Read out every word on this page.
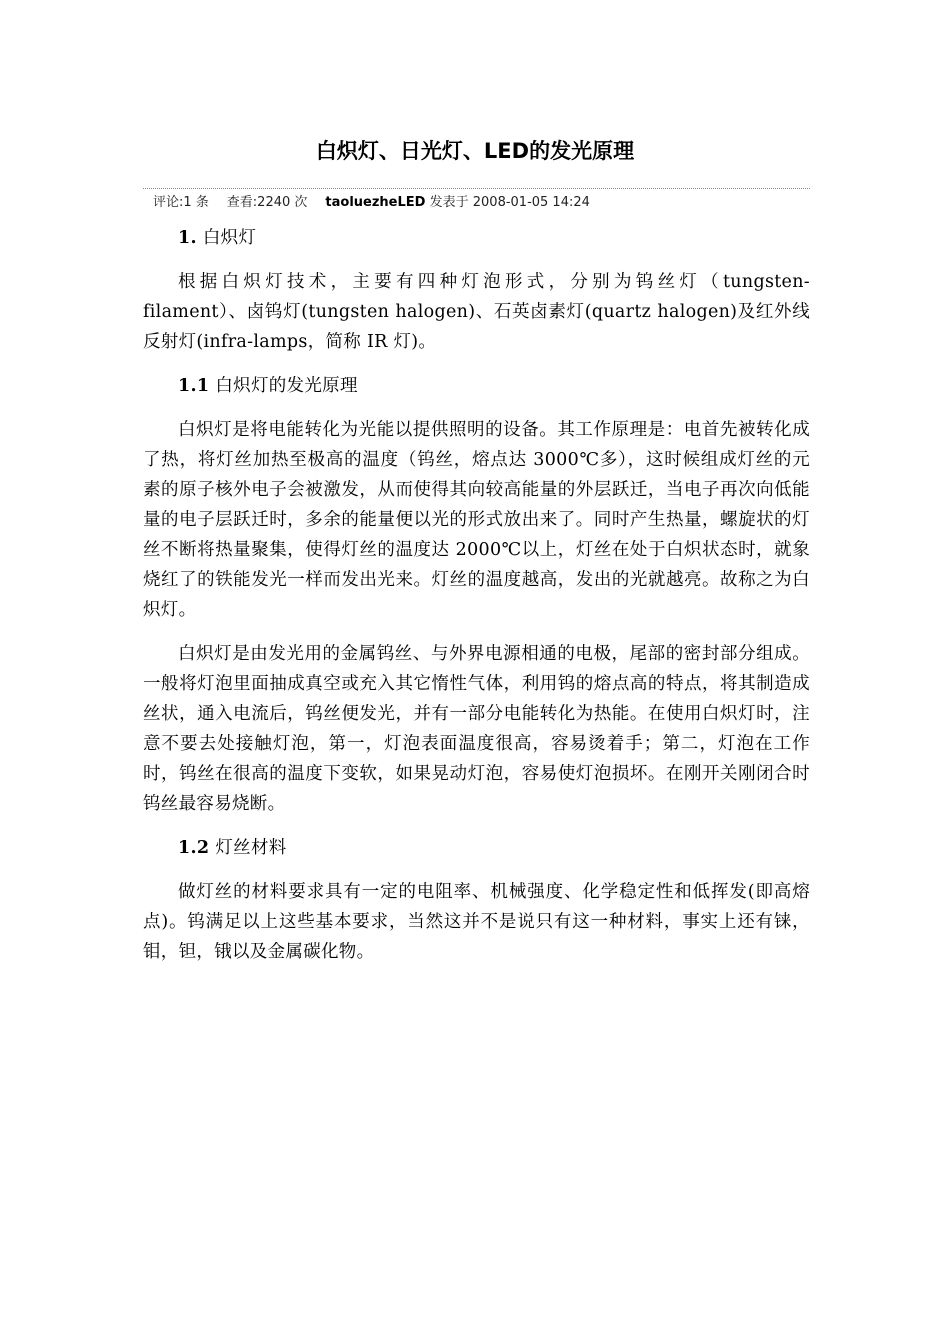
白炽灯、日光灯、LED的发光原理
评论:1 条 查看:2240 次 taoluezheLED 发表于 2008-01-05 14:24

1. 白炽灯

根据白炽灯技术，主要有四种灯泡形式，分别为钨丝灯（tungsten-filament）、卤钨灯(tungsten halogen)、石英卤素灯(quartz halogen)及红外线反射灯(infra-lamps，简称 IR 灯)。

1.1 白炽灯的发光原理

白炽灯是将电能转化为光能以提供照明的设备。其工作原理是：电首先被转化成了热，将灯丝加热至极高的温度（钨丝，熔点达 3000℃多），这时候组成灯丝的元素的原子核外电子会被激发，从而使得其向较高能量的外层跃迁，当电子再次向低能量的电子层跃迁时，多余的能量便以光的形式放出来了。同时产生热量，螺旋状的灯丝不断将热量聚集，使得灯丝的温度达 2000℃以上，灯丝在处于白炽状态时，就象烧红了的铁能发光一样而发出光来。灯丝的温度越高，发出的光就越亮。故称之为白炽灯。

白炽灯是由发光用的金属钨丝、与外界电源相通的电极，尾部的密封部分组成。一般将灯泡里面抽成真空或充入其它惰性气体，利用钨的熔点高的特点，将其制造成丝状，通入电流后，钨丝便发光，并有一部分电能转化为热能。在使用白炽灯时，注意不要去处接触灯泡，第一，灯泡表面温度很高，容易烫着手；第二，灯泡在工作时，钨丝在很高的温度下变软，如果晃动灯泡，容易使灯泡损坏。在刚开关刚闭合时钨丝最容易烧断。

1.2 灯丝材料

做灯丝的材料要求具有一定的电阻率、机械强度、化学稳定性和低挥发(即高熔点)。钨满足以上这些基本要求，当然这并不是说只有这一种材料，事实上还有铼，钼，钽，锇以及金属碳化物。
